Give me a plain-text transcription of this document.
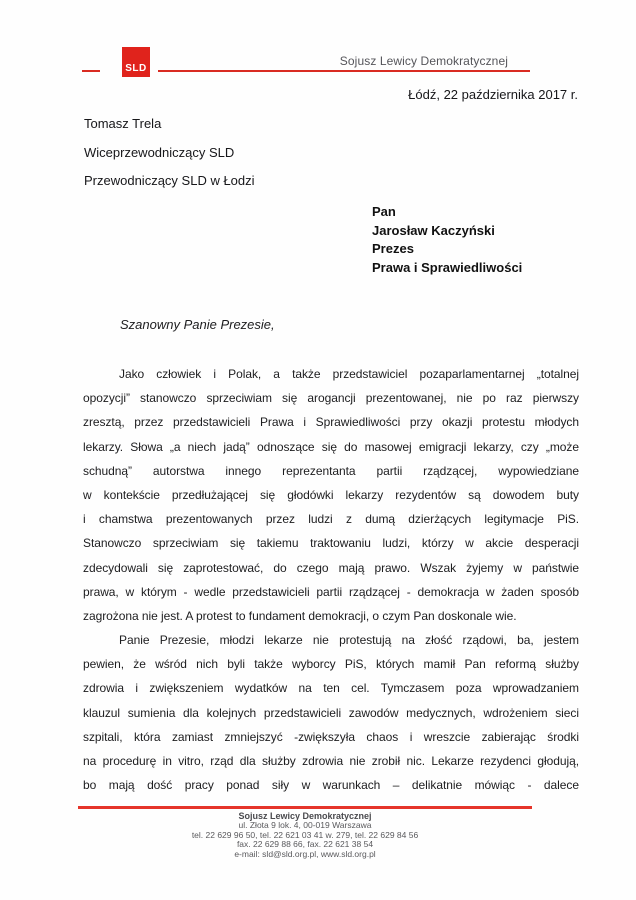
SLD
Sojusz Lewicy Demokratycznej
Łódź, 22 października 2017 r.
Tomasz Trela
Wiceprzewodniczący SLD
Przewodniczący SLD w Łodzi
Pan
Jarosław Kaczyński
Prezes
Prawa i Sprawiedliwości
Szanowny Panie Prezesie,
Jako człowiek i Polak, a także przedstawiciel pozaparlamentarnej „totalnej
opozycji” stanowczo sprzeciwiam się arogancji prezentowanej, nie po raz pierwszy
zresztą, przez przedstawicieli Prawa i Sprawiedliwości przy okazji protestu młodych
lekarzy. Słowa „a niech jadą” odnoszące się do masowej emigracji lekarzy, czy „może
schudną” autorstwa innego reprezentanta partii rządzącej, wypowiedziane
w kontekście przedłużającej się głodówki lekarzy rezydentów są dowodem buty
i chamstwa prezentowanych przez ludzi z dumą dzierżących legitymacje PiS.
Stanowczo sprzeciwiam się takiemu traktowaniu ludzi, którzy w akcie desperacji
zdecydowali się zaprotestować, do czego mają prawo. Wszak żyjemy w państwie
prawa, w którym - wedle przedstawicieli partii rządzącej - demokracja w żaden sposób
zagrożona nie jest. A protest to fundament demokracji, o czym Pan doskonale wie.
Panie Prezesie, młodzi lekarze nie protestują na złość rządowi, ba, jestem
pewien, że wśród nich byli także wyborcy PiS, których mamił Pan reformą służby
zdrowia i zwiększeniem wydatków na ten cel. Tymczasem poza wprowadzaniem
klauzul sumienia dla kolejnych przedstawicieli zawodów medycznych, wdrożeniem sieci
szpitali, która zamiast zmniejszyć -zwiększyła chaos i wreszcie zabierając środki
na procedurę in vitro, rząd dla służby zdrowia nie zrobił nic. Lekarze rezydenci głodują,
bo mają dość pracy ponad siły w warunkach – delikatnie mówiąc - dalece
Sojusz Lewicy Demokratycznej
ul. Złota 9 lok. 4, 00-019 Warszawa
tel. 22 629 96 50, tel. 22 621 03 41 w. 279, tel. 22 629 84 56
fax. 22 629 88 66, fax. 22 621 38 54
e-mail: sld@sld.org.pl, www.sld.org.pl
